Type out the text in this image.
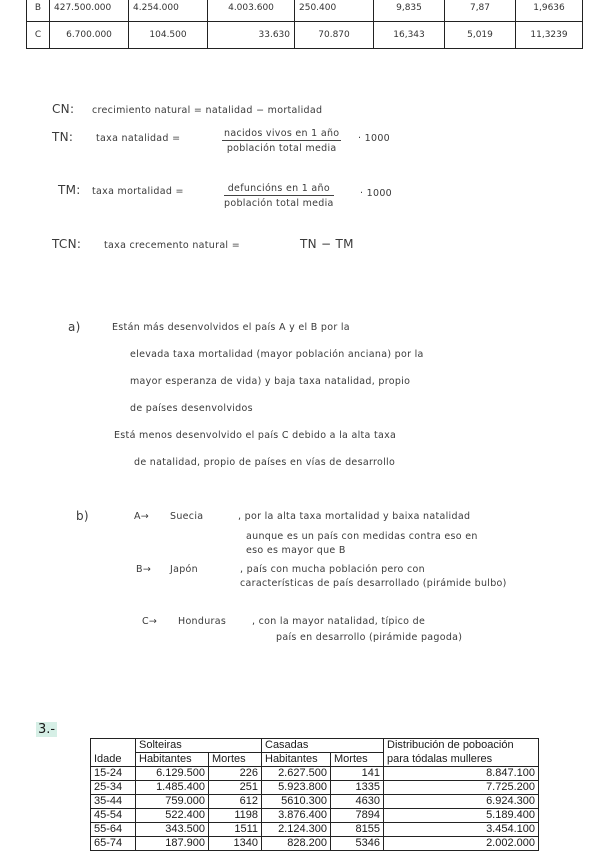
B	427.500.000	4.254.000	4.003.600	250.400	9,835	7,87	1,9636
C	6.700.000	104.500	33.630	70.870	16,343	5,019	11,3239
CN: crecimiento natural = natalidad − mortalidad
TN: taxa natalidad =	nacidos vivos en 1 año
población total media
· 1000
TM: taxa mortalidad =	defuncións en 1 año
población total media
· 1000
TCN: taxa crecemento natural =	TN − TM
a)	Están más desenvolvidos el país A y el B por la
elevada taxa mortalidad (mayor población anciana) por la
mayor esperanza de vida) y baja taxa natalidad, propio
de países desenvolvidos
Está menos desenvolvido el país C debido a la alta taxa
de natalidad, propio de países en vías de desarrollo
b)	A→ Suecia	, por la alta taxa mortalidad y baixa natalidad
aunque es un país con medidas contra eso en
eso es mayor que B
B→ Japón	, país con mucha población pero con
características de país desarrollado (pirámide bulbo)
C→ Honduras	, con la mayor natalidad, típico de
país en desarrollo (pirámide pagoda)
3.-
	Solteiras		Casadas		Distribución de poboación
Idade	Habitantes	Mortes	Habitantes	Mortes	para tódalas mulleres
15-24	6.129.500	226	2.627.500	141	8.847.100
25-34	1.485.400	251	5.923.800	1335	7.725.200
35-44	759.000	612	5610.300	4630	6.924.300
45-54	522.400	1198	3.876.400	7894	5.189.400
55-64	343.500	1511	2.124.300	8155	3.454.100
65-74	187.900	1340	828.200	5346	2.002.000
